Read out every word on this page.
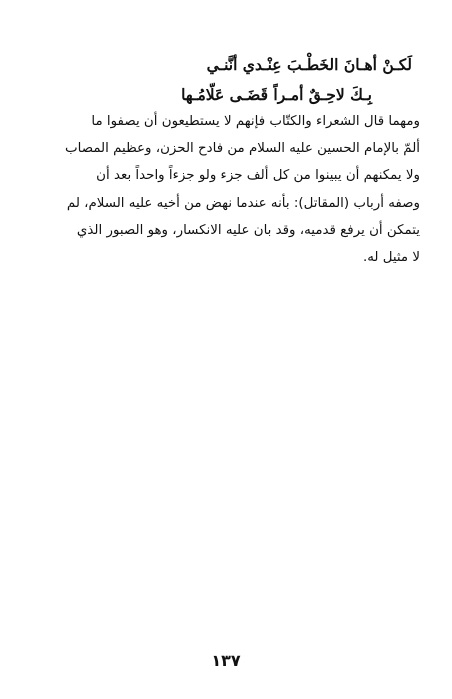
لَكـنْ أهـانَ الخَطْـبَ عِنْـدي أنَّنـي

بِـكَ لاحِـقٌ أمـراً قَضَـى عَلّامُـها

ومهما قال الشعراء والكتّاب فإنهم لا يستطيعون أن يصفوا ما
ألمّ بالإمام الحسين عليه السلام من فادح الحزن، وعظيم المصاب
ولا يمكنهم أن يبينوا من كل ألف جزء ولو جزءاً واحداً بعد أن
وصفه أرباب (المقاتل): بأنه عندما نهض من أخيه عليه السلام، لم
يتمكن أن يرفع قدميه، وقد بان عليه الانكسار، وهو الصبور الذي
لا مثيل له.
١٣٧
